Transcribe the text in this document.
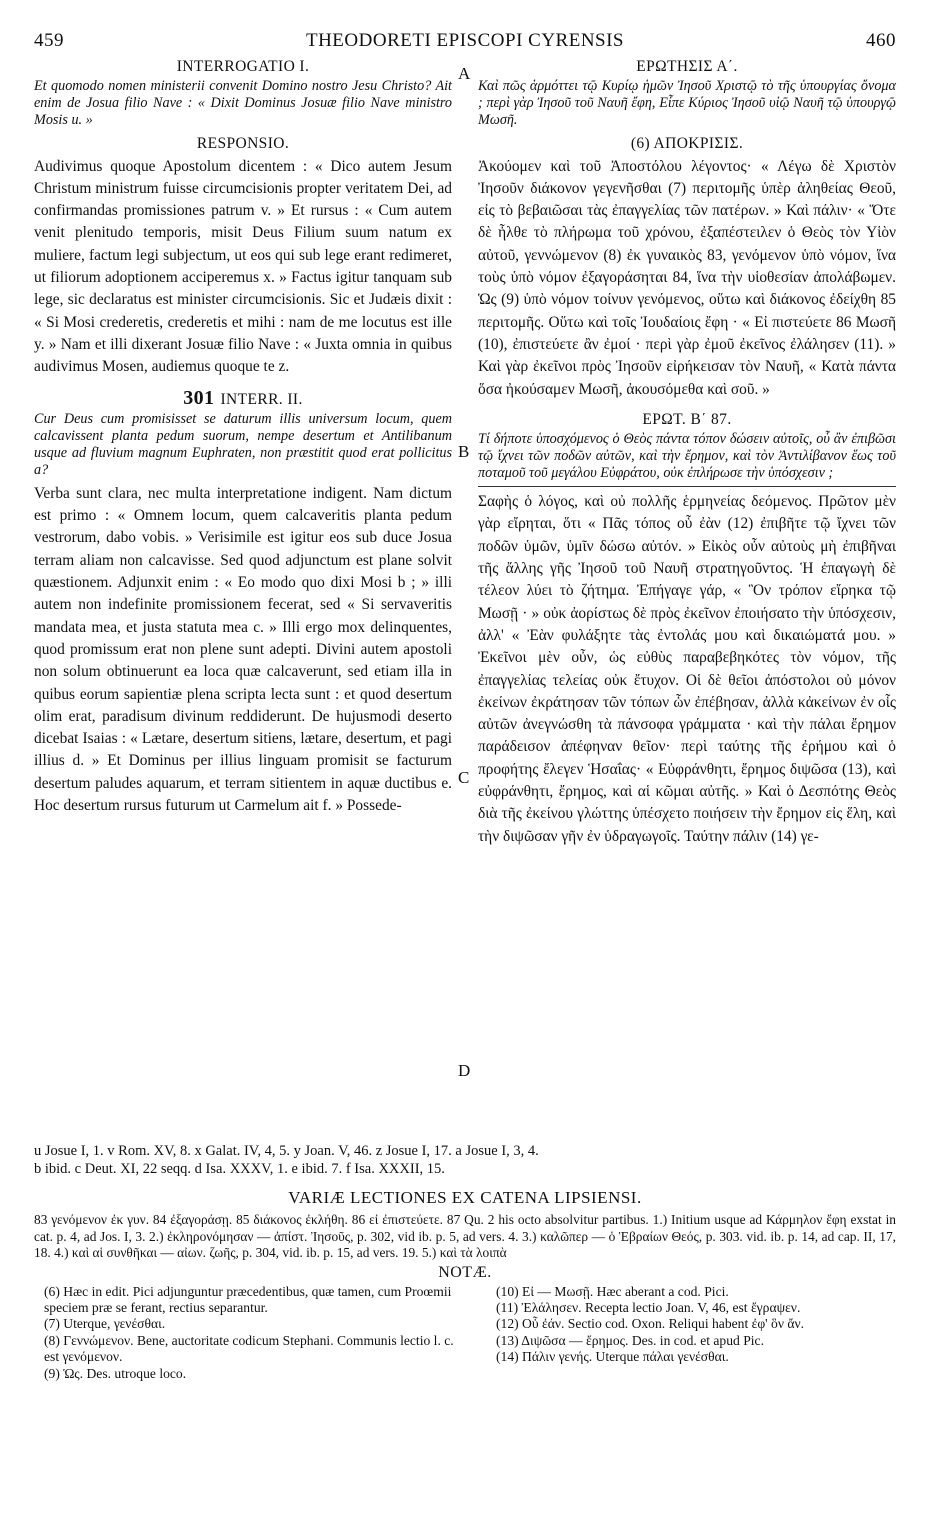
459	THEODORETI EPISCOPI CYRENSIS	460
A
B
C
D

INTERROGATIO I.

Et quomodo nomen ministerii convenit Domino nostro Jesu Christo? Ait enim de Josua filio Nave : « Dixit Dominus Josuæ filio Nave ministro Mosis u. »

RESPONSIO.

Audivimus quoque Apostolum dicentem : « Dico autem Jesum Christum ministrum fuisse circumcisionis propter veritatem Dei, ad confirmandas promissiones patrum v. » Et rursus : « Cum autem venit plenitudo temporis, misit Deus Filium suum natum ex muliere, factum legi subjectum, ut eos qui sub lege erant redimeret, ut filiorum adoptionem acciperemus x. » Factus igitur tanquam sub lege, sic declaratus est minister circumcisionis. Sic et Judæis dixit : « Si Mosi crederetis, crederetis et mihi : nam de me locutus est ille y. » Nam et illi dixerant Josuæ filio Nave : « Juxta omnia in quibus audivimus Mosen, audiemus quoque te z.

301 INTERR. II.

Cur Deus cum promisisset se daturum illis universum locum, quem calcavissent planta pedum suorum, nempe desertum et Antilibanum usque ad fluvium magnum Euphraten, non præstitit quod erat pollicitus a?

Verba sunt clara, nec multa interpretatione indigent. Nam dictum est primo : « Omnem locum, quem calcaveritis planta pedum vestrorum, dabo vobis. » Verisimile est igitur eos sub duce Josua terram aliam non calcavisse. Sed quod adjunctum est plane solvit quæstionem. Adjunxit enim : « Eo modo quo dixi Mosi b ; » illi autem non indefinite promissionem fecerat, sed « Si servaveritis mandata mea, et justa statuta mea c. » Illi ergo mox delinquentes, quod promissum erat non plene sunt adepti. Divini autem apostoli non solum obtinuerunt ea loca quæ calcaverunt, sed etiam illa in quibus eorum sapientiæ plena scripta lecta sunt : et quod desertum olim erat, paradisum divinum reddiderunt. De hujusmodi deserto dicebat Isaias : « Lætare, desertum sitiens, lætare, desertum, et pagi illius d. » Et Dominus per illius linguam promisit se facturum desertum paludes aquarum, et terram sitientem in aquæ ductibus e. Hoc desertum rursus futurum ut Carmelum ait f. » Possede-

ΕΡΩΤΗΣΙΣ Α΄.

Καὶ πῶς ἁρμόττει τῷ Κυρίῳ ἡμῶν Ἰησοῦ Χριστῷ τὸ τῆς ὑπουργίας ὄνομα ; περὶ γὰρ Ἰησοῦ τοῦ Ναυῆ ἔφη, Εἶπε Κύριος Ἰησοῦ υἱῷ Ναυῆ τῷ ὑπουργῷ Μωσῆ.

(6) ΑΠΟΚΡΙΣΙΣ.

Ἀκούομεν καὶ τοῦ Ἀποστόλου λέγοντος· « Λέγω δὲ Χριστὸν Ἰησοῦν διάκονον γεγενῆσθαι (7) περιτομῆς ὑπὲρ ἀληθείας Θεοῦ, εἰς τὸ βεβαιῶσαι τὰς ἐπαγγελίας τῶν πατέρων. » Καὶ πάλιν· « Ὅτε δὲ ἦλθε τὸ πλήρωμα τοῦ χρόνου, ἐξαπέστειλεν ὁ Θεὸς τὸν Υἱὸν αὐτοῦ, γεννώμενον (8) ἐκ γυναικὸς 83, γενόμενον ὑπὸ νόμον, ἵνα τοὺς ὑπὸ νόμον ἐξαγοράσηται 84, ἵνα τὴν υἱοθεσίαν ἀπολάβωμεν. Ὡς (9) ὑπὸ νόμον τοίνυν γενόμενος, οὕτω καὶ διάκονος ἐδείχθη 85 περιτομῆς. Οὕτω καὶ τοῖς Ἰουδαίοις ἔφη · « Εἰ πιστεύετε 86 Μωσῆ (10), ἐπιστεύετε ἂν ἐμοί · περὶ γὰρ ἐμοῦ ἐκεῖνος ἐλάλησεν (11). » Καὶ γὰρ ἐκεῖνοι πρὸς Ἰησοῦν εἰρήκεισαν τὸν Ναυῆ, « Κατὰ πάντα ὅσα ἠκούσαμεν Μωσῆ, ἀκουσόμεθα καὶ σοῦ. »

ΕΡΩΤ. Β΄ 87.

Τί δήποτε ὑποσχόμενος ὁ Θεὸς πάντα τόπον δώσειν αὐτοῖς, οὗ ἂν ἐπιβῶσι τῷ ἴχνει τῶν ποδῶν αὐτῶν, καὶ τὴν ἔρημον, καὶ τὸν Ἀντιλίβανον ἕως τοῦ ποταμοῦ τοῦ μεγάλου Εὐφράτου, οὐκ ἐπλήρωσε τὴν ὑπόσχεσιν ;

Σαφὴς ὁ λόγος, καὶ οὐ πολλῆς ἑρμηνείας δεόμενος. Πρῶτον μὲν γὰρ εἴρηται, ὅτι « Πᾶς τόπος οὗ ἐὰν (12) ἐπιβῆτε τῷ ἴχνει τῶν ποδῶν ὑμῶν, ὑμῖν δώσω αὐτόν. » Εἰκὸς οὖν αὐτοὺς μὴ ἐπιβῆναι τῆς ἄλλης γῆς Ἰησοῦ τοῦ Ναυῆ στρατηγοῦντος. Ἡ ἐπαγωγὴ δὲ τέλεον λύει τὸ ζήτημα. Ἐπήγαγε γάρ, « Ὃν τρόπον εἴρηκα τῷ Μωσῇ · » οὐκ ἀορίστως δὲ πρὸς ἐκεῖνον ἐποιήσατο τὴν ὑπόσχεσιν, ἀλλ' « Ἐὰν φυλάξητε τὰς ἐντολάς μου καὶ δικαιώματά μου. » Ἐκεῖνοι μὲν οὖν, ὡς εὐθὺς παραβεβηκότες τὸν νόμον, τῆς ἐπαγγελίας τελείας οὐκ ἔτυχον. Οἱ δὲ θεῖοι ἀπόστολοι οὐ μόνον ἐκείνων ἐκράτησαν τῶν τόπων ὧν ἐπέβησαν, ἀλλὰ κἀκείνων ἐν οἷς αὐτῶν ἀνεγνώσθη τὰ πάνσοφα γράμματα · καὶ τὴν πάλαι ἔρημον παράδεισον ἀπέφηναν θεῖον· περὶ ταύτης τῆς ἐρήμου καὶ ὁ προφήτης ἔλεγεν Ἡσαΐας· « Εὐφράνθητι, ἔρημος διψῶσα (13), καὶ εὐφράνθητι, ἔρημος, καὶ αἱ κῶμαι αὐτῆς. » Καὶ ὁ Δεσπότης Θεὸς διὰ τῆς ἐκείνου γλώττης ὑπέσχετο ποιήσειν τὴν ἔρημον εἰς ἕλη, καὶ τὴν διψῶσαν γῆν ἐν ὑδραγωγοῖς. Ταύτην πάλιν (14) γε-

u Josue I, 1. v Rom. XV, 8. x Galat. IV, 4, 5. y Joan. V, 46. z Josue I, 17. a Josue I, 3, 4.

b ibid. c Deut. XI, 22 seqq. d Isa. XXXV, 1. e ibid. 7. f Isa. XXXII, 15.

VARIÆ LECTIONES EX CATENA LIPSIENSI.

83 γενόμενον ἐκ γυν. 84 ἐξαγοράσῃ. 85 διάκονος ἐκλήθη. 86 εἰ ἐπιστεύετε. 87 Qu. 2 his octo absolvitur partibus. 1.) Initium usque ad Κάρμηλον ἔφη exstat in cat. p. 4, ad Jos. I, 3. 2.) ἐκληρονόμησαν — ἀπίστ. Ἰησοῦς, p. 302, vid ib. p. 5, ad vers. 4. 3.) καλῶπερ — ὁ Ἑβραίων Θεός, p. 303. vid. ib. p. 14, ad cap. II, 17, 18. 4.) καὶ αἱ συνθῆκαι — αἰων. ζωῆς, p. 304, vid. ib. p. 15, ad vers. 19. 5.) καὶ τὰ λοιπὰ

NOTÆ.

(6) Hæc in edit. Pici adjunguntur præcedentibus, quæ tamen, cum Proœmii speciem præ se ferant, rectius separantur.

(7) Uterque, γενέσθαι.

(8) Γεννώμενον. Bene, auctoritate codicum Stephani. Communis lectio l. c. est γενόμενον.

(9) Ὡς. Des. utroque loco.

(10) Εἰ — Μωσῇ. Hæc aberant a cod. Pici.

(11) Ἐλάλησεν. Recepta lectio Joan. V, 46, est ἔγραψεν.

(12) Οὗ ἐάν. Sectio cod. Oxon. Reliqui habent ἐφ' ὃν ἄν.

(13) Διψῶσα — ἔρημος. Des. in cod. et apud Pic.

(14) Πάλιν γενής. Uterque πάλαι γενέσθαι.
